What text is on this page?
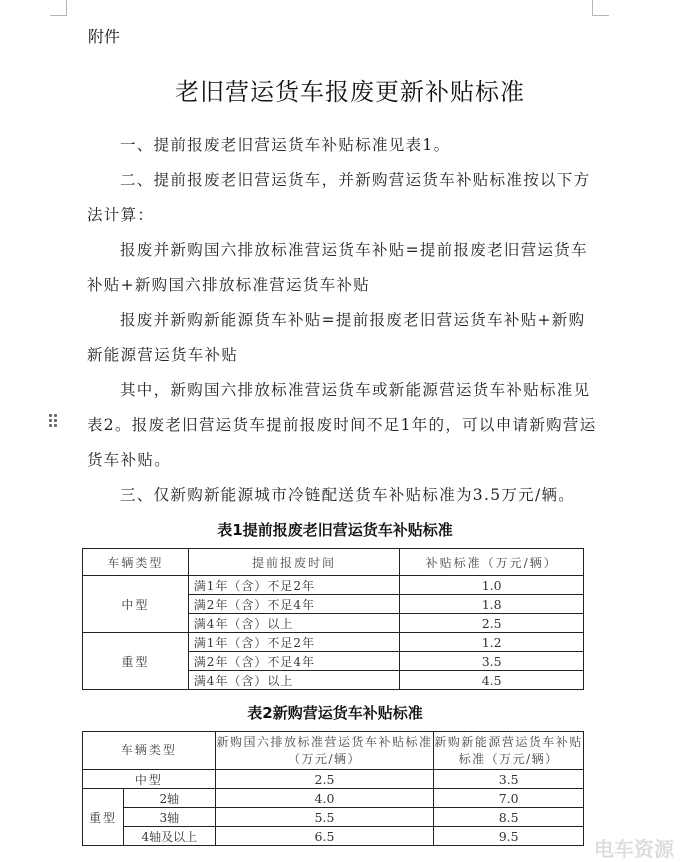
附件
老旧营运货车报废更新补贴标准

一、提前报废老旧营运货车补贴标准见表1。

二、提前报废老旧营运货车，并新购营运货车补贴标准按以下方法计算：

报废并新购国六排放标准营运货车补贴=提前报废老旧营运货车补贴+新购国六排放标准营运货车补贴

报废并新购新能源货车补贴=提前报废老旧营运货车补贴+新购新能源营运货车补贴

其中，新购国六排放标准营运货车或新能源营运货车补贴标准见表2。报废老旧营运货车提前报废时间不足1年的，可以申请新购营运货车补贴。

三、仅新购新能源城市冷链配送货车补贴标准为3.5万元/辆。

表1提前报废老旧营运货车补贴标准
车辆类型	提前报废时间	补贴标准（万元/辆）
中型	满1年（含）不足2年	1.0
	满2年（含）不足4年	1.8
	满4年（含）以上	2.5
重型	满1年（含）不足2年	1.2
	满2年（含）不足4年	3.5
	满4年（含）以上	4.5
表2新购营运货车补贴标准
车辆类型		新购国六排放标准营运货车补贴标准（万元/辆）	新购新能源营运货车补贴标准（万元/辆）
中型		2.5	3.5
重型	2轴	4.0	7.0
	3轴	5.5	8.5
	4轴及以上	6.5	9.5
电车资源
